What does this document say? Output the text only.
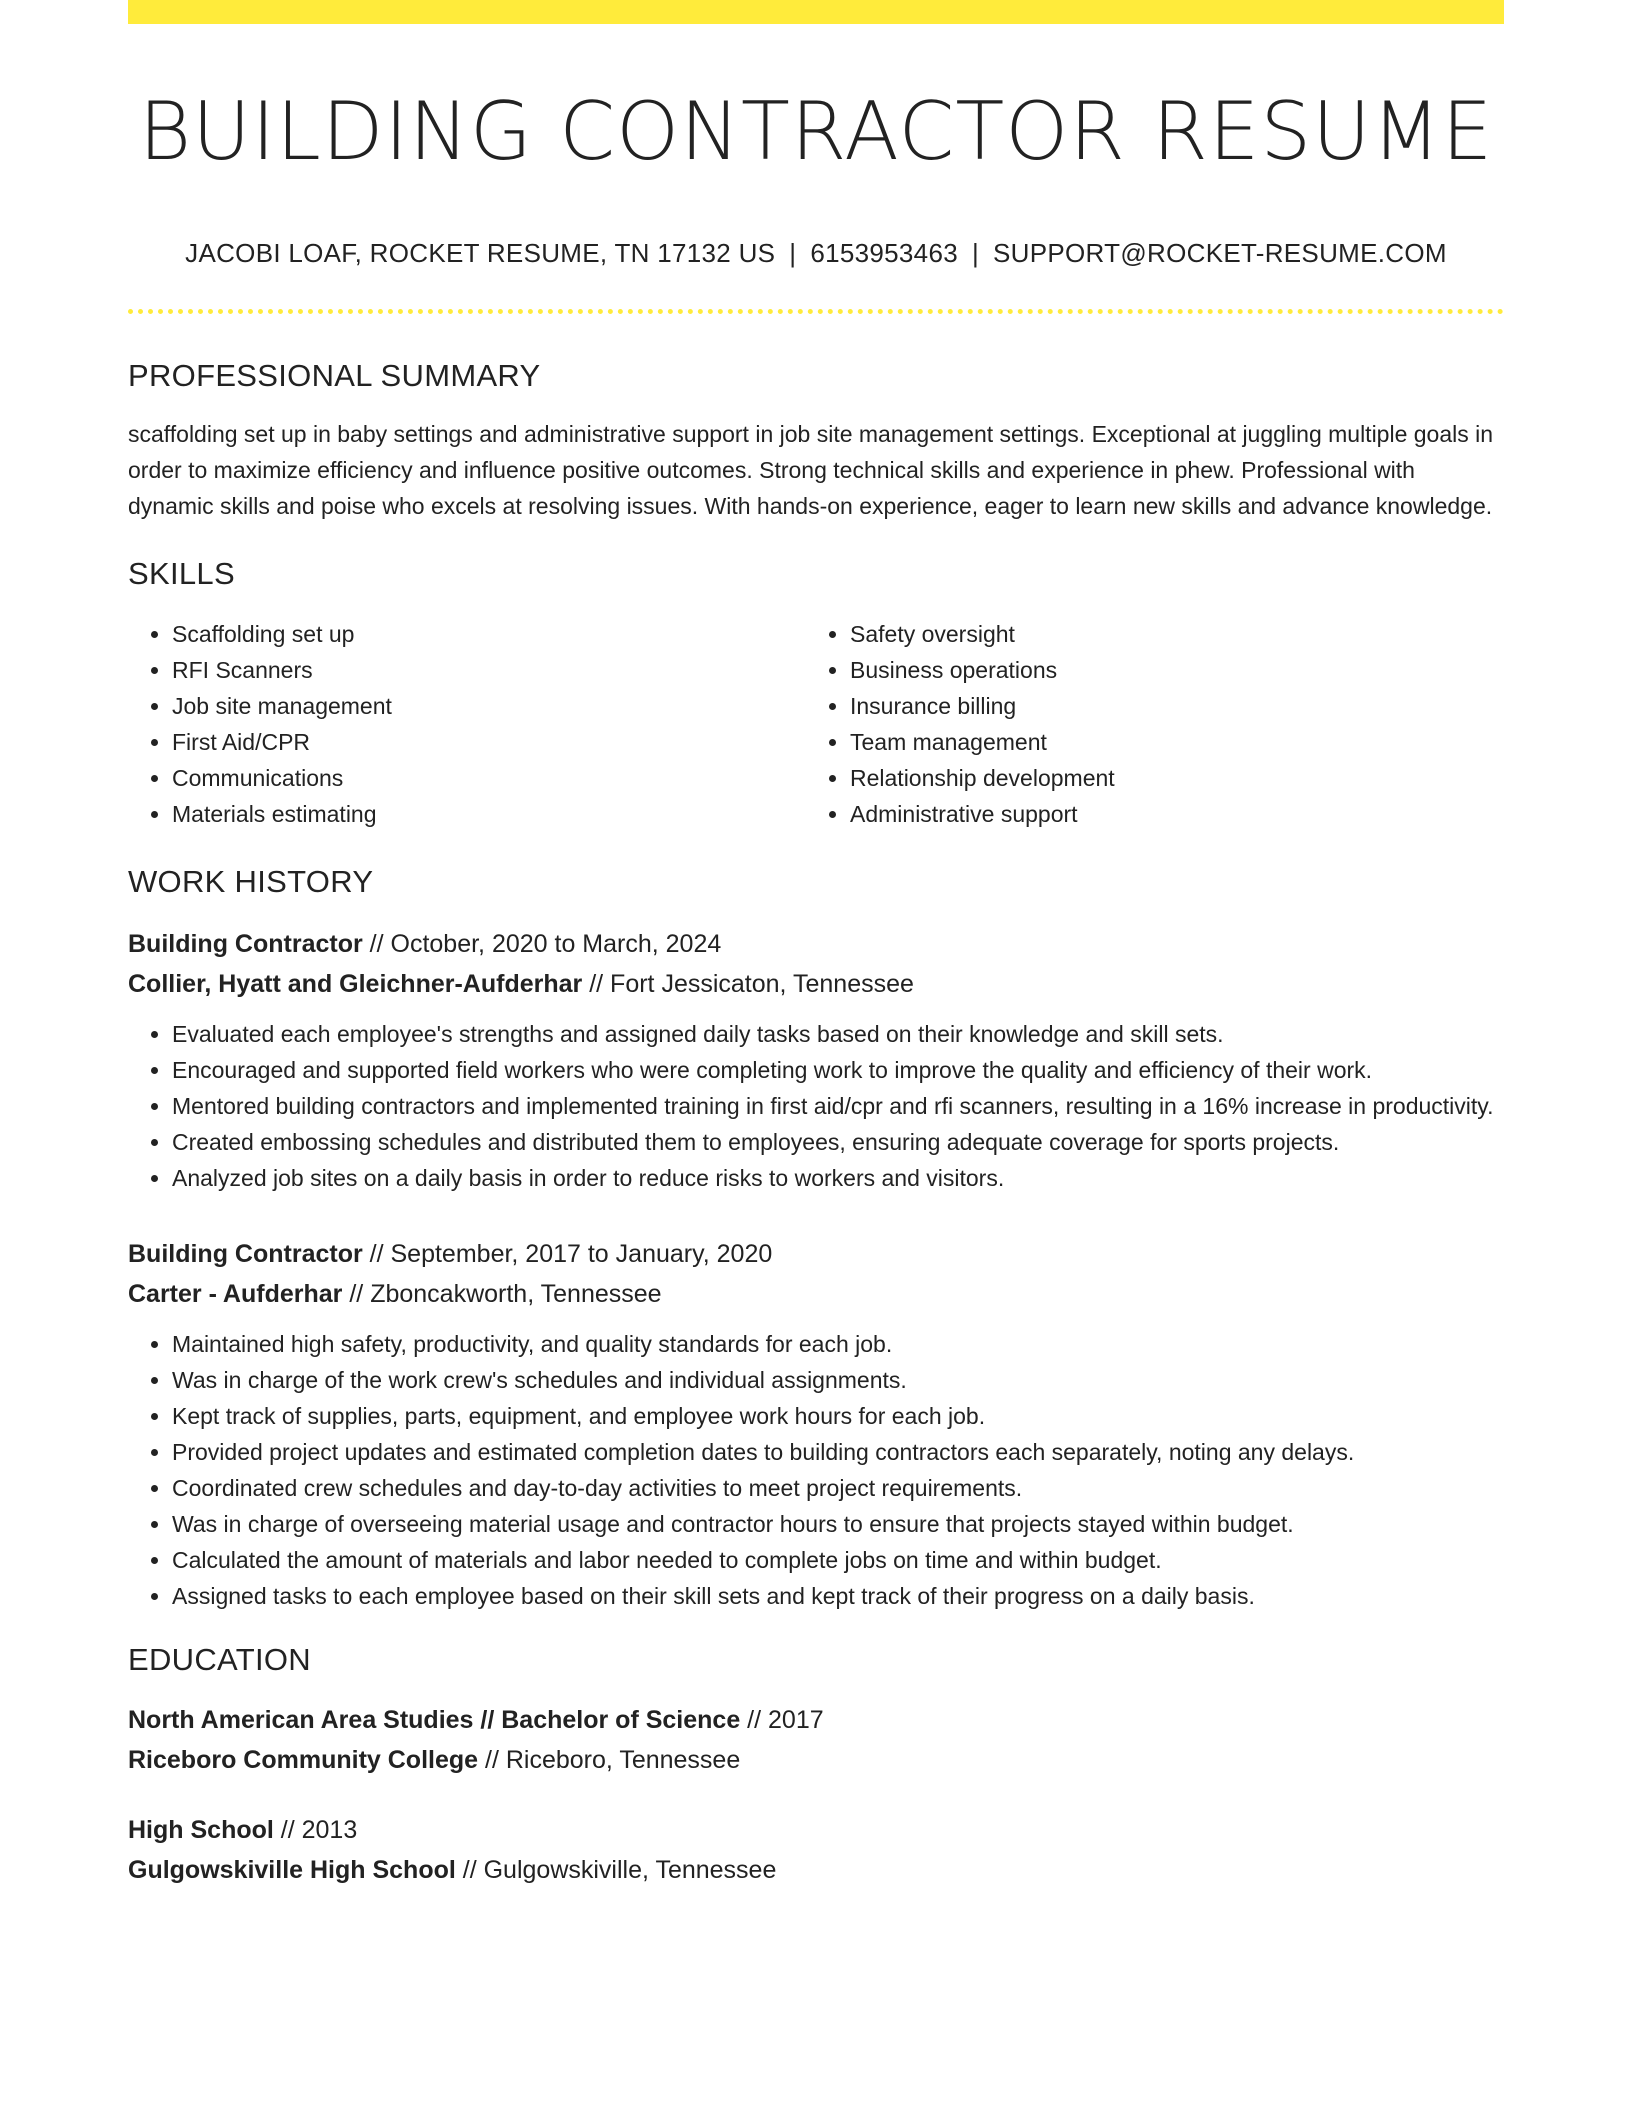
BUILDING CONTRACTOR RESUME
JACOBI LOAF, ROCKET RESUME, TN 17132 US | 6153953463 | SUPPORT@ROCKET-RESUME.COM
PROFESSIONAL SUMMARY

scaffolding set up in baby settings and administrative support in job site management settings. Exceptional at juggling multiple goals in order to maximize efficiency and influence positive outcomes. Strong technical skills and experience in phew. Professional with dynamic skills and poise who excels at resolving issues. With hands-on experience, eager to learn new skills and advance knowledge.

SKILLS
• Scaffolding set up
• RFI Scanners
• Job site management
• First Aid/CPR
• Communications
• Materials estimating
• Safety oversight
• Business operations
• Insurance billing
• Team management
• Relationship development
• Administrative support
WORK HISTORY
Building Contractor // October, 2020 to March, 2024
Collier, Hyatt and Gleichner-Aufderhar // Fort Jessicaton, Tennessee
• Evaluated each employee's strengths and assigned daily tasks based on their knowledge and skill sets.
• Encouraged and supported field workers who were completing work to improve the quality and efficiency of their work.
• Mentored building contractors and implemented training in first aid/cpr and rfi scanners, resulting in a 16% increase in productivity.
• Created embossing schedules and distributed them to employees, ensuring adequate coverage for sports projects.
• Analyzed job sites on a daily basis in order to reduce risks to workers and visitors.
Building Contractor // September, 2017 to January, 2020
Carter - Aufderhar // Zboncakworth, Tennessee
• Maintained high safety, productivity, and quality standards for each job.
• Was in charge of the work crew's schedules and individual assignments.
• Kept track of supplies, parts, equipment, and employee work hours for each job.
• Provided project updates and estimated completion dates to building contractors each separately, noting any delays.
• Coordinated crew schedules and day-to-day activities to meet project requirements.
• Was in charge of overseeing material usage and contractor hours to ensure that projects stayed within budget.
• Calculated the amount of materials and labor needed to complete jobs on time and within budget.
• Assigned tasks to each employee based on their skill sets and kept track of their progress on a daily basis.
EDUCATION
North American Area Studies // Bachelor of Science // 2017
Riceboro Community College // Riceboro, Tennessee
High School // 2013
Gulgowskiville High School // Gulgowskiville, Tennessee
